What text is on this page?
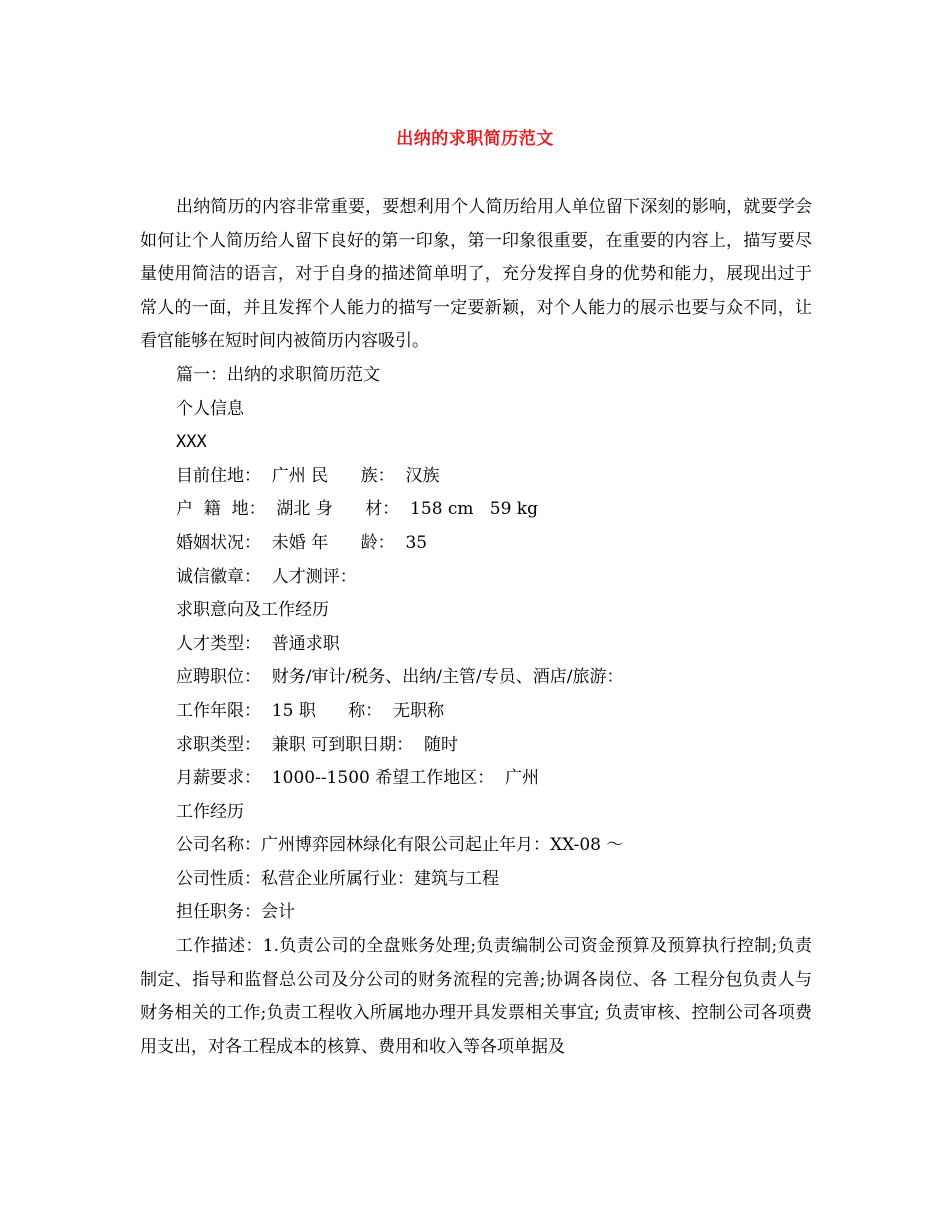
出纳的求职简历范文

出纳简历的内容非常重要，要想利用个人简历给用人单位留下深刻的影响，就要学会如何让个人简历给人留下良好的第一印象，第一印象很重要，在重要的内容上，描写要尽量使用简洁的语言，对于自身的描述简单明了，充分发挥自身的优势和能力，展现出过于常人的一面，并且发挥个人能力的描写一定要新颖，对个人能力的展示也要与众不同，让看官能够在短时间内被简历内容吸引。

篇一：出纳的求职简历范文

个人信息

XXX

目前住地：  广州 民      族：  汉族

户  籍  地：  湖北 身      材：  158 cm   59 kg

婚姻状况：  未婚 年      龄：  35

诚信徽章：  人才测评：

求职意向及工作经历

人才类型：  普通求职

应聘职位：  财务/审计/税务、出纳/主管/专员、酒店/旅游：

工作年限：  15 职      称：  无职称

求职类型：  兼职 可到职日期：  随时

月薪要求：  1000--1500 希望工作地区：  广州

工作经历

公司名称：广州博弈园林绿化有限公司起止年月：XX-08 ～

公司性质：私营企业所属行业：建筑与工程

担任职务：会计

工作描述：1.负责公司的全盘账务处理;负责编制公司资金预算及预算执行控制;负责制定、指导和监督总公司及分公司的财务流程的完善;协调各岗位、各 工程分包负责人与财务相关的工作;负责工程收入所属地办理开具发票相关事宜; 负责审核、控制公司各项费用支出，对各工程成本的核算、费用和收入等各项单据及
